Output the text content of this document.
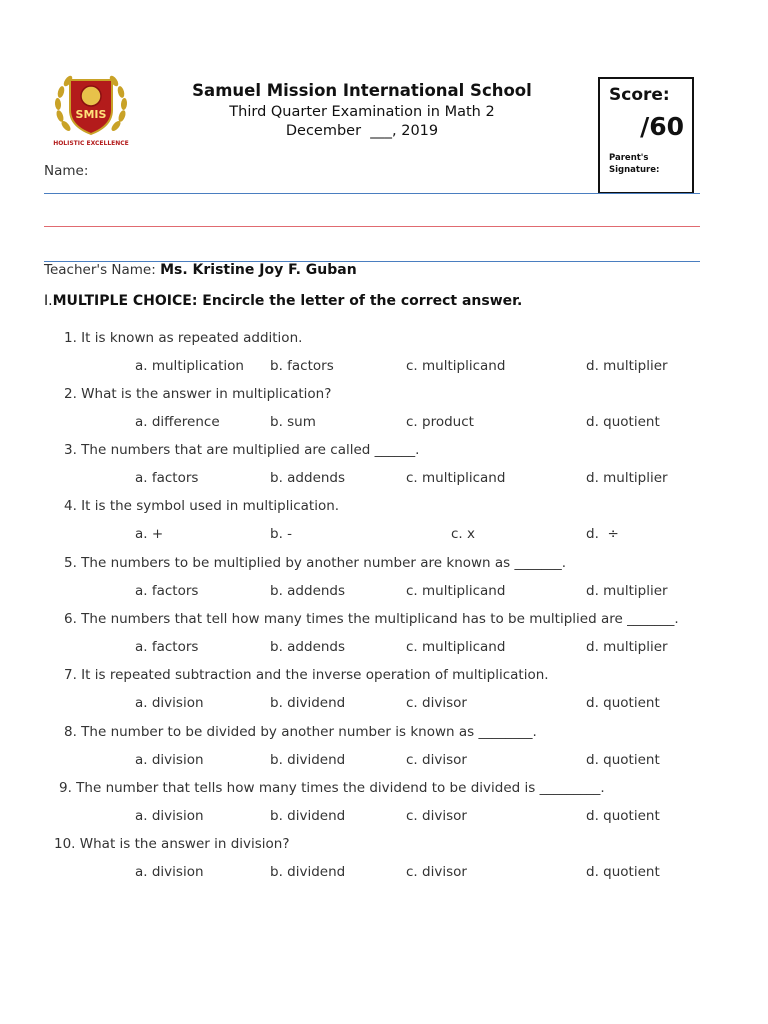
SMIS
HOLISTIC EXCELLENCE
Samuel Mission International School
Third Quarter Examination in Math 2
December  ___, 2019
Score:
/60
Parent's Signature:
Name:
Teacher's Name: Ms. Kristine Joy F. Guban
I.MULTIPLE CHOICE: Encircle the letter of the correct answer.
1. It is known as repeated addition.
a. multiplication b. factors	c. multiplicand	d. multiplier
2. What is the answer in multiplication?
a. difference	b. sum	c. product	d. quotient
3. The numbers that are multiplied are called ______.
a. factors	b. addends	c. multiplicand	d. multiplier
4. It is the symbol used in multiplication.
a. +	b. -	c. x	d.  ÷
5. The numbers to be multiplied by another number are known as _______.
a. factors	b. addends	c. multiplicand	d. multiplier
6. The numbers that tell how many times the multiplicand has to be multiplied are _______.
a. factors	b. addends	c. multiplicand	d. multiplier
7. It is repeated subtraction and the inverse operation of multiplication.
a. division	b. dividend	c. divisor	d. quotient
8. The number to be divided by another number is known as ________.
a. division	b. dividend	c. divisor	d. quotient
9. The number that tells how many times the dividend to be divided is _________.
a. division	b. dividend	c. divisor	d. quotient
10. What is the answer in division?
a. division	b. dividend	c. divisor	d. quotient
